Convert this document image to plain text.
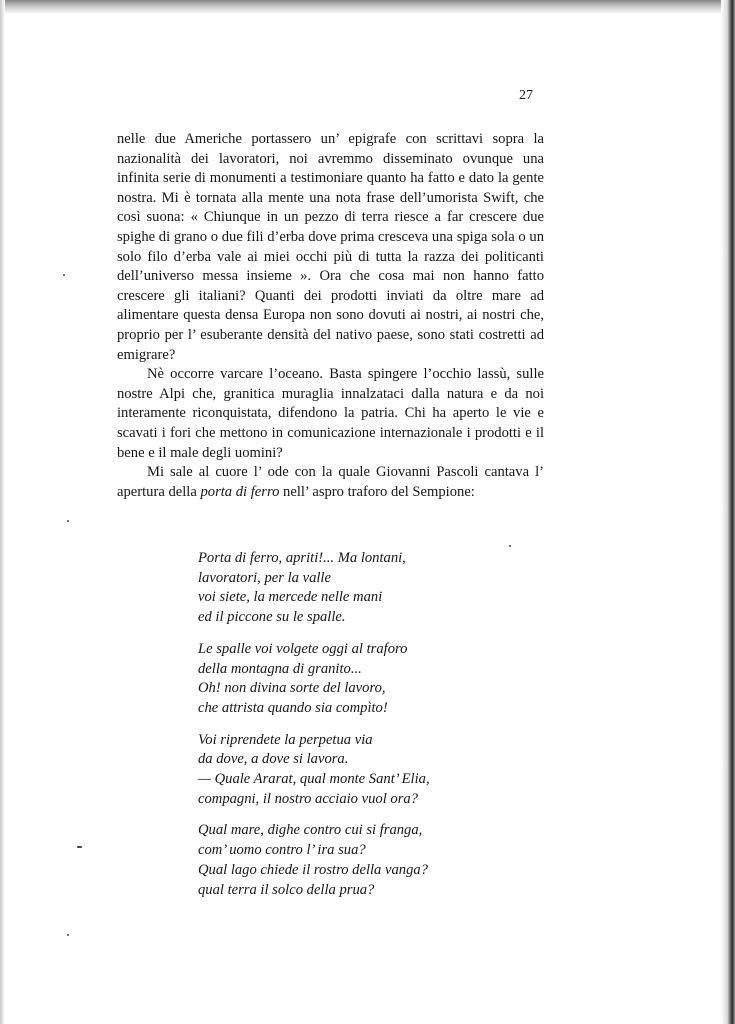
27

nelle due Americhe portassero un’ epigrafe con scrittavi sopra la nazionalità dei lavoratori, noi avremmo disseminato ovunque una infinita serie di monumenti a testimoniare quanto ha fatto e dato la gente nostra. Mi è tornata alla mente una nota frase dell’umorista Swift, che così suona: « Chiunque in un pezzo di terra riesce a far crescere due spighe di grano o due fili d’erba dove prima cresceva una spiga sola o un solo filo d’erba vale ai miei occhi più di tutta la razza dei politicanti dell’universo messa insieme ». Ora che cosa mai non hanno fatto crescere gli italiani? Quanti dei prodotti inviati da oltre mare ad alimentare questa densa Europa non sono dovuti ai nostri, ai nostri che, proprio per l’ esuberante densità del nativo paese, sono stati costretti ad emigrare?

Nè occorre varcare l’oceano. Basta spingere l’occhio lassù, sulle nostre Alpi che, granitica muraglia innalzataci dalla natura e da noi interamente riconquistata, difendono la patria. Chi ha aperto le vie e scavati i fori che mettono in comunicazione internazionale i prodotti e il bene e il male degli uomini?

Mi sale al cuore l’ ode con la quale Giovanni Pascoli cantava l’ apertura della porta di ferro nell’ aspro traforo del Sempione:

Porta di ferro, apriti!... Ma lontani,
lavoratori, per la valle
voi siete, la mercede nelle mani
ed il piccone su le spalle.
Le spalle voi volgete oggi al traforo
della montagna di granito...
Oh! non divina sorte del lavoro,
che attrista quando sia compìto!
Voi riprendete la perpetua via
da dove, a dove si lavora.
— Quale Ararat, qual monte Sant’ Elia,
compagni, il nostro acciaio vuol ora?
Qual mare, dighe contro cui si franga,
com’ uomo contro l’ ira sua?
Qual lago chiede il rostro della vanga?
qual terra il solco della prua?
